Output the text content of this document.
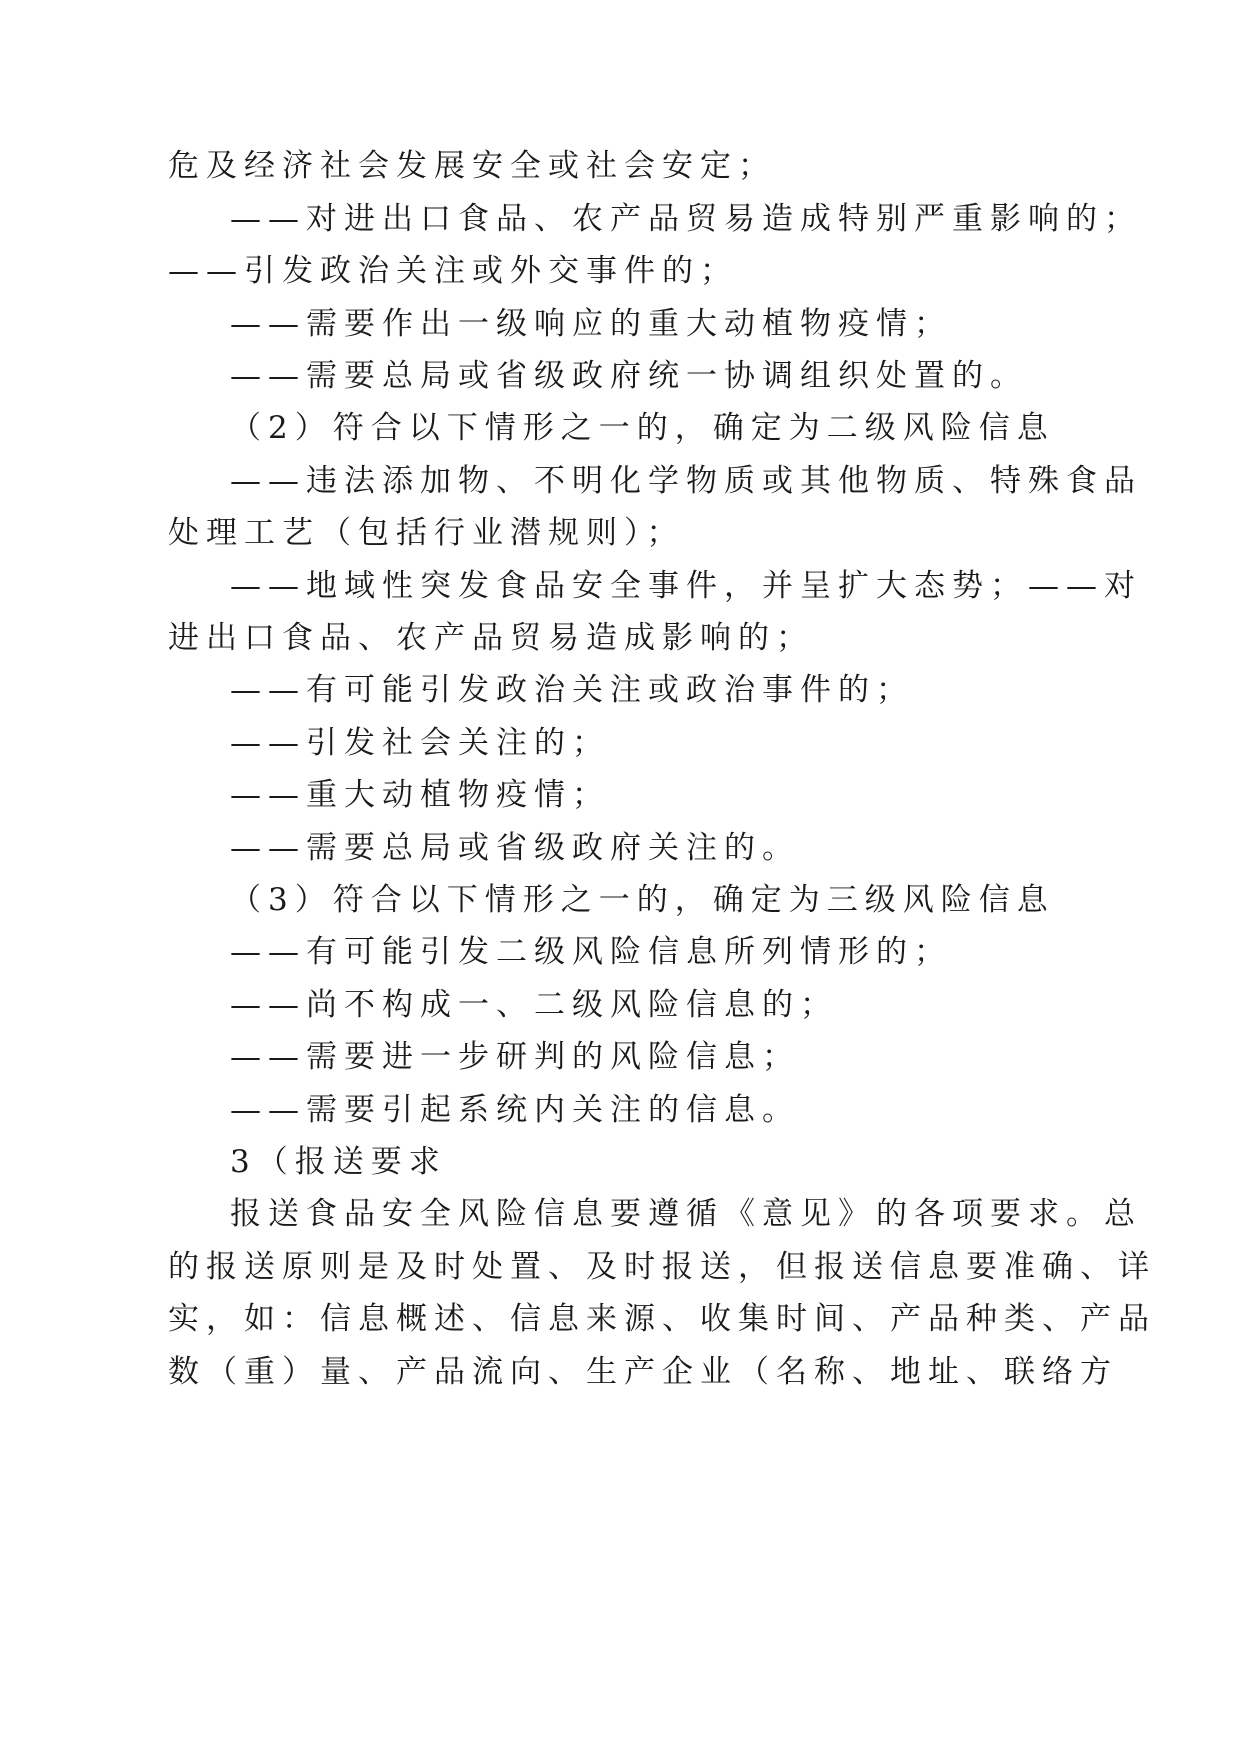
危及经济社会发展安全或社会安定；
——对进出口食品、农产品贸易造成特别严重影响的；
——引发政治关注或外交事件的；
——需要作出一级响应的重大动植物疫情；
——需要总局或省级政府统一协调组织处置的。
（2）符合以下情形之一的，确定为二级风险信息
——违法添加物、不明化学物质或其他物质、特殊食品
处理工艺（包括行业潜规则）；
——地域性突发食品安全事件，并呈扩大态势；——对
进出口食品、农产品贸易造成影响的；
——有可能引发政治关注或政治事件的；
——引发社会关注的；
——重大动植物疫情；
——需要总局或省级政府关注的。
（3）符合以下情形之一的，确定为三级风险信息
——有可能引发二级风险信息所列情形的；
——尚不构成一、二级风险信息的；
——需要进一步研判的风险信息；
——需要引起系统内关注的信息。
3（报送要求
报送食品安全风险信息要遵循《意见》的各项要求。总
的报送原则是及时处置、及时报送，但报送信息要准确、详
实，如：信息概述、信息来源、收集时间、产品种类、产品
数（重）量、产品流向、生产企业（名称、地址、联络方
